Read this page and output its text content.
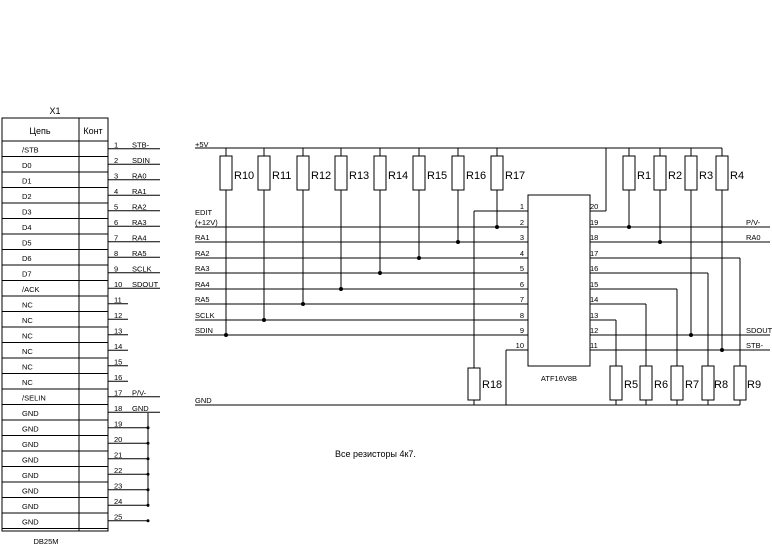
X1
Цепь	Конт
/STB
D0
D1
D2
D3
D4
D5
D6
D7
/ACK
NC
NC
NC
NC
NC
NC
/SELIN
GND
GND
GND
GND
GND
GND
GND
GND
1 STB-
2 SDIN
3 RA0
4 RA1
5 RA2
6 RA3
7 RA4
8 RA5
9 SCLK
10 SDOUT
11
12
13
14
15
16
17 P/V-
18 GND
19
20
21
22
23
24
25
DB25M
+5V
GND
EDIT
(+12V)
RA1
RA2
RA3
RA4
RA5
SCLK
SDIN
R10 R11 R12 R13 R14 R15 R16 R17
R18
ATF16V8B
1
2
3
4
5
6
7
8
9
10
20
19
18
17
16
15
14
13
12
11
P/V-
RA0
SDOUT
STB-
R1 R2 R3 R4
R5 R6 R7 R8 R9
Все резисторы 4к7.
